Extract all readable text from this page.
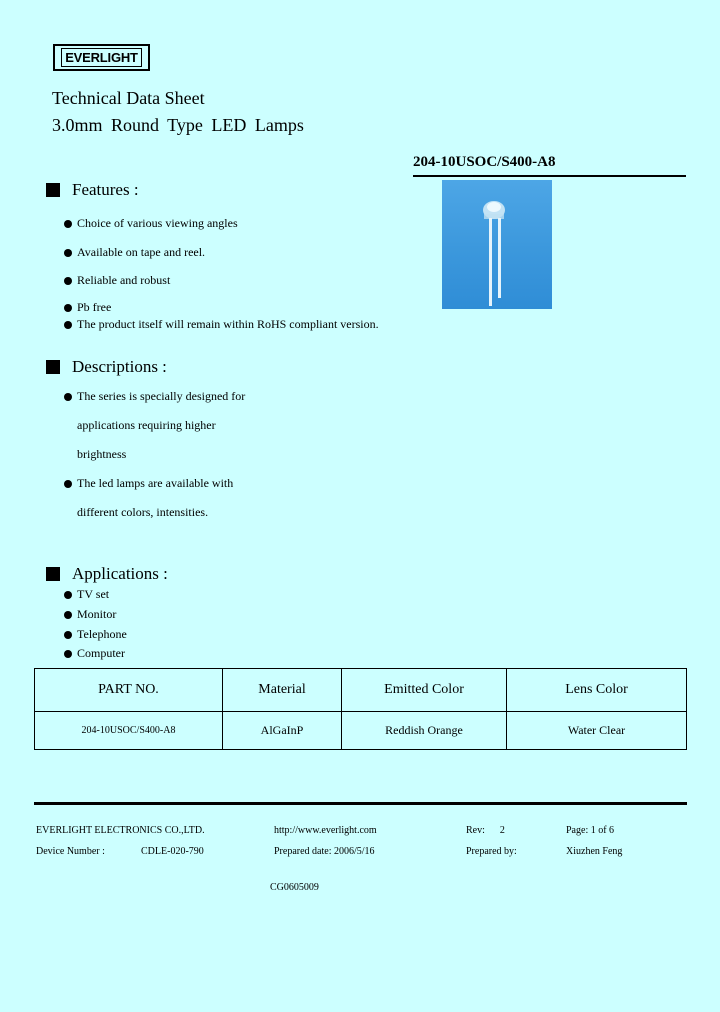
EVERLIGHT
Technical Data Sheet
3.0mm Round Type LED Lamps
204-10USOC/S400-A8
Features :
Choice of various viewing angles
Available on tape and reel.
Reliable and robust
Pb free
The product itself will remain within RoHS compliant version.
Descriptions :
The series is specially designed for
applications requiring higher
brightness
The led lamps are available with
different colors, intensities.
Applications :
TV set
Monitor
Telephone
Computer
PART NO.	Material	Emitted Color	Lens Color
204-10USOC/S400-A8	AlGaInP	Reddish Orange	Water Clear
EVERLIGHT ELECTRONICS CO.,LTD.	http://www.everlight.com	Rev:      2	Page: 1 of 6
Device Number :	CDLE-020-790	Prepared date: 2006/5/16	Prepared by:	Xiuzhen Feng
CG0605009
